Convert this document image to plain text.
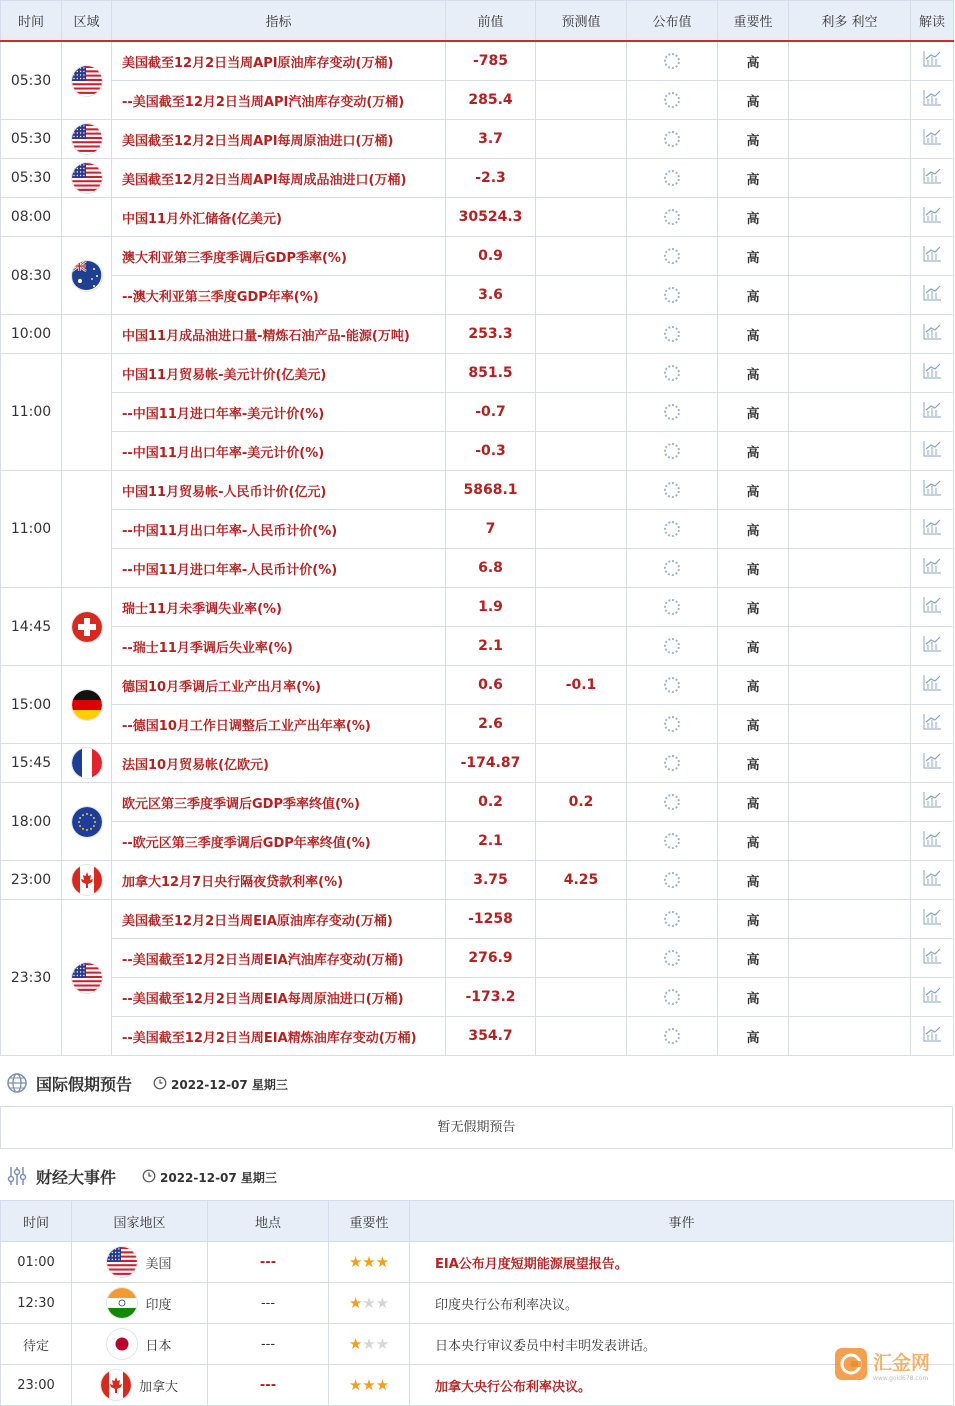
时间	区域	指标	前值	预测值	公布值	重要性	利多 利空	解读
05:30		美国截至12月2日当周API原油库存变动(万桶)	-785			高		
		--美国截至12月2日当周API汽油库存变动(万桶)	285.4			高		
05:30		美国截至12月2日当周API每周原油进口(万桶)	3.7			高		
05:30		美国截至12月2日当周API每周成品油进口(万桶)	-2.3			高		
08:00		中国11月外汇储备(亿美元)	30524.3			高		
08:30		澳大利亚第三季度季调后GDP季率(%)	0.9			高		
		--澳大利亚第三季度GDP年率(%)	3.6			高		
10:00		中国11月成品油进口量-精炼石油产品-能源(万吨)	253.3			高		
11:00		中国11月贸易帐-美元计价(亿美元)	851.5			高		
		--中国11月进口年率-美元计价(%)	-0.7			高		
		--中国11月出口年率-美元计价(%)	-0.3			高		
11:00		中国11月贸易帐-人民币计价(亿元)	5868.1			高		
		--中国11月出口年率-人民币计价(%)	7			高		
		--中国11月进口年率-人民币计价(%)	6.8			高		
14:45		瑞士11月未季调失业率(%)	1.9			高		
		--瑞士11月季调后失业率(%)	2.1			高		
15:00		德国10月季调后工业产出月率(%)	0.6	-0.1		高		
		--德国10月工作日调整后工业产出年率(%)	2.6			高		
15:45		法国10月贸易帐(亿欧元)	-174.87			高		
18:00		欧元区第三季度季调后GDP季率终值(%)	0.2	0.2		高		
		--欧元区第三季度季调后GDP年率终值(%)	2.1			高		
23:00		加拿大12月7日央行隔夜贷款利率(%)	3.75	4.25		高		
23:30		美国截至12月2日当周EIA原油库存变动(万桶)	-1258			高		
		--美国截至12月2日当周EIA汽油库存变动(万桶)	276.9			高		
		--美国截至12月2日当周EIA每周原油进口(万桶)	-173.2			高		
		--美国截至12月2日当周EIA精炼油库存变动(万桶)	354.7			高		
国际假期预告	2022-12-07 星期三
暂无假期预告
财经大事件	2022-12-07 星期三
时间	国家地区	地点	重要性	事件
01:00	美国	---	★★★	EIA公布月度短期能源展望报告。
12:30	印度	---	★★★	印度央行公布利率决议。
待定	日本	---	★★★	日本央行审议委员中村丰明发表讲话。
23:00	加拿大	---	★★★	加拿大央行公布利率决议。
汇金网
www.gold678.com
